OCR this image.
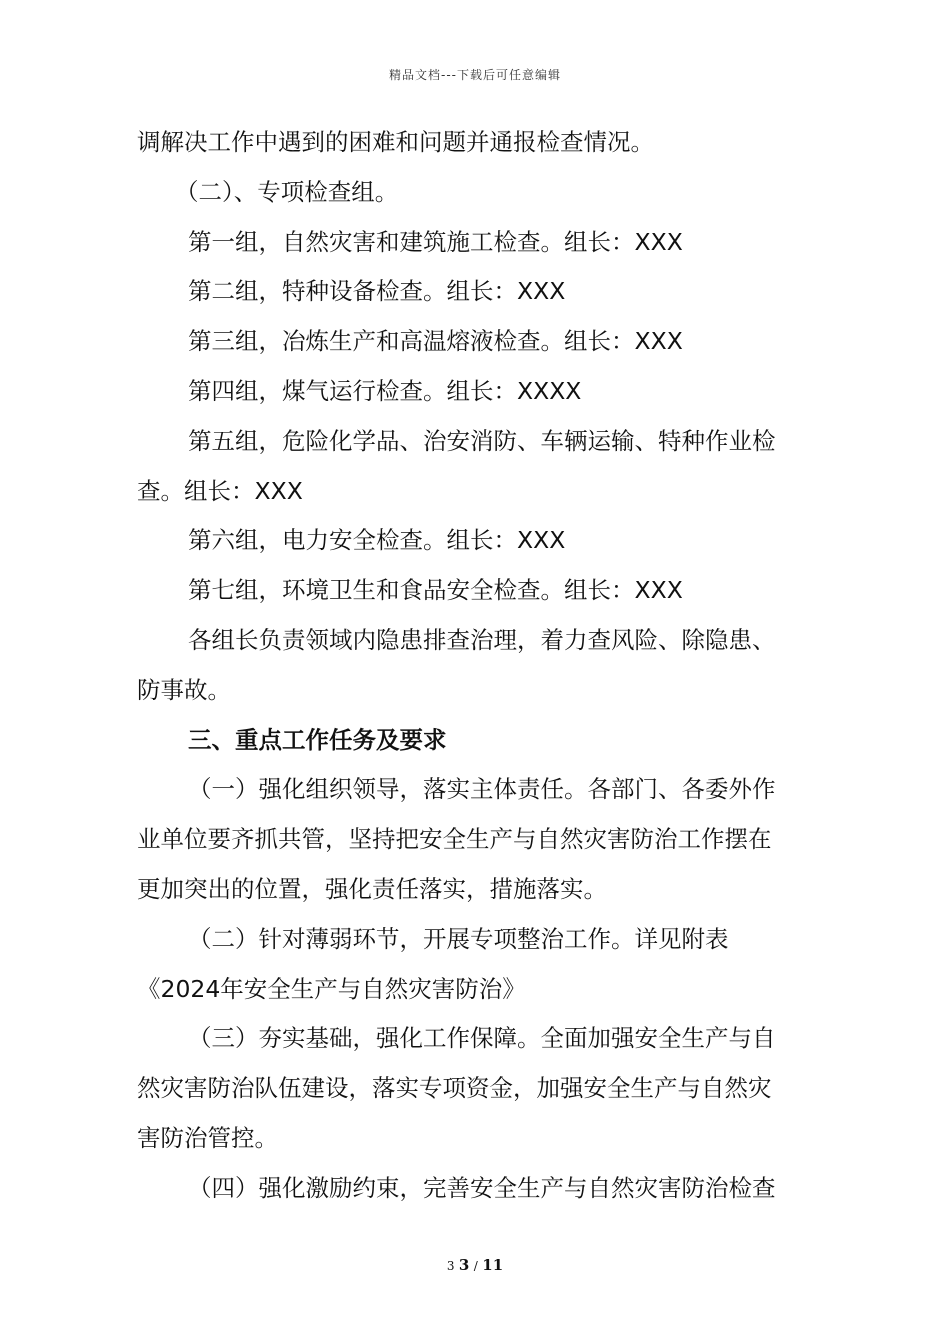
精品文档---下载后可任意编辑
调解决工作中遇到的困难和问题并通报检查情况。
（二）、专项检查组。
第一组，自然灾害和建筑施工检查。组长：XXX
第二组，特种设备检查。组长：XXX
第三组，冶炼生产和高温熔液检查。组长：XXX
第四组，煤气运行检查。组长：XXXX
第五组，危险化学品、治安消防、车辆运输、特种作业检
查。组长：XXX
第六组，电力安全检查。组长：XXX
第七组，环境卫生和食品安全检查。组长：XXX
各组长负责领域内隐患排查治理，着力查风险、除隐患、
防事故。
三、重点工作任务及要求
（一）强化组织领导，落实主体责任。各部门、各委外作
业单位要齐抓共管，坚持把安全生产与自然灾害防治工作摆在
更加突出的位置，强化责任落实，措施落实。
（二）针对薄弱环节，开展专项整治工作。详见附表
《2024年安全生产与自然灾害防治》
（三）夯实基础，强化工作保障。全面加强安全生产与自
然灾害防治队伍建设，落实专项资金，加强安全生产与自然灾
害防治管控。
（四）强化激励约束，完善安全生产与自然灾害防治检查
3 3 / 11
